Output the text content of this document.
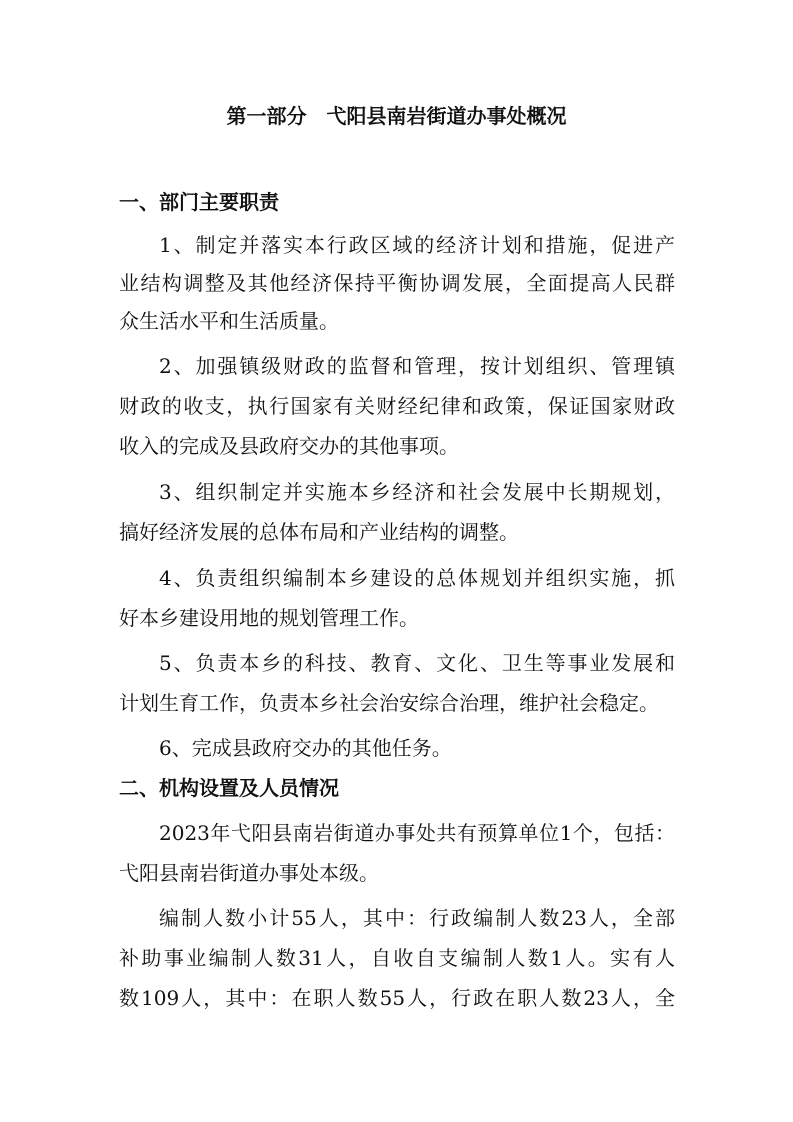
第一部分　弋阳县南岩街道办事处概况
一、部门主要职责
1、制定并落实本行政区域的经济计划和措施，促进产
业结构调整及其他经济保持平衡协调发展，全面提高人民群
众生活水平和生活质量。
2、加强镇级财政的监督和管理，按计划组织、管理镇
财政的收支，执行国家有关财经纪律和政策，保证国家财政
收入的完成及县政府交办的其他事项。
3、组织制定并实施本乡经济和社会发展中长期规划，
搞好经济发展的总体布局和产业结构的调整。
4、负责组织编制本乡建设的总体规划并组织实施，抓
好本乡建设用地的规划管理工作。
5、负责本乡的科技、教育、文化、卫生等事业发展和
计划生育工作，负责本乡社会治安综合治理，维护社会稳定。
6、完成县政府交办的其他任务。
二、机构设置及人员情况
2023年弋阳县南岩街道办事处共有预算单位1个，包括：
弋阳县南岩街道办事处本级。
编制人数小计55人，其中：行政编制人数23人，全部
补助事业编制人数31人，自收自支编制人数1人。实有人
数109人，其中：在职人数55人，行政在职人数23人，全
